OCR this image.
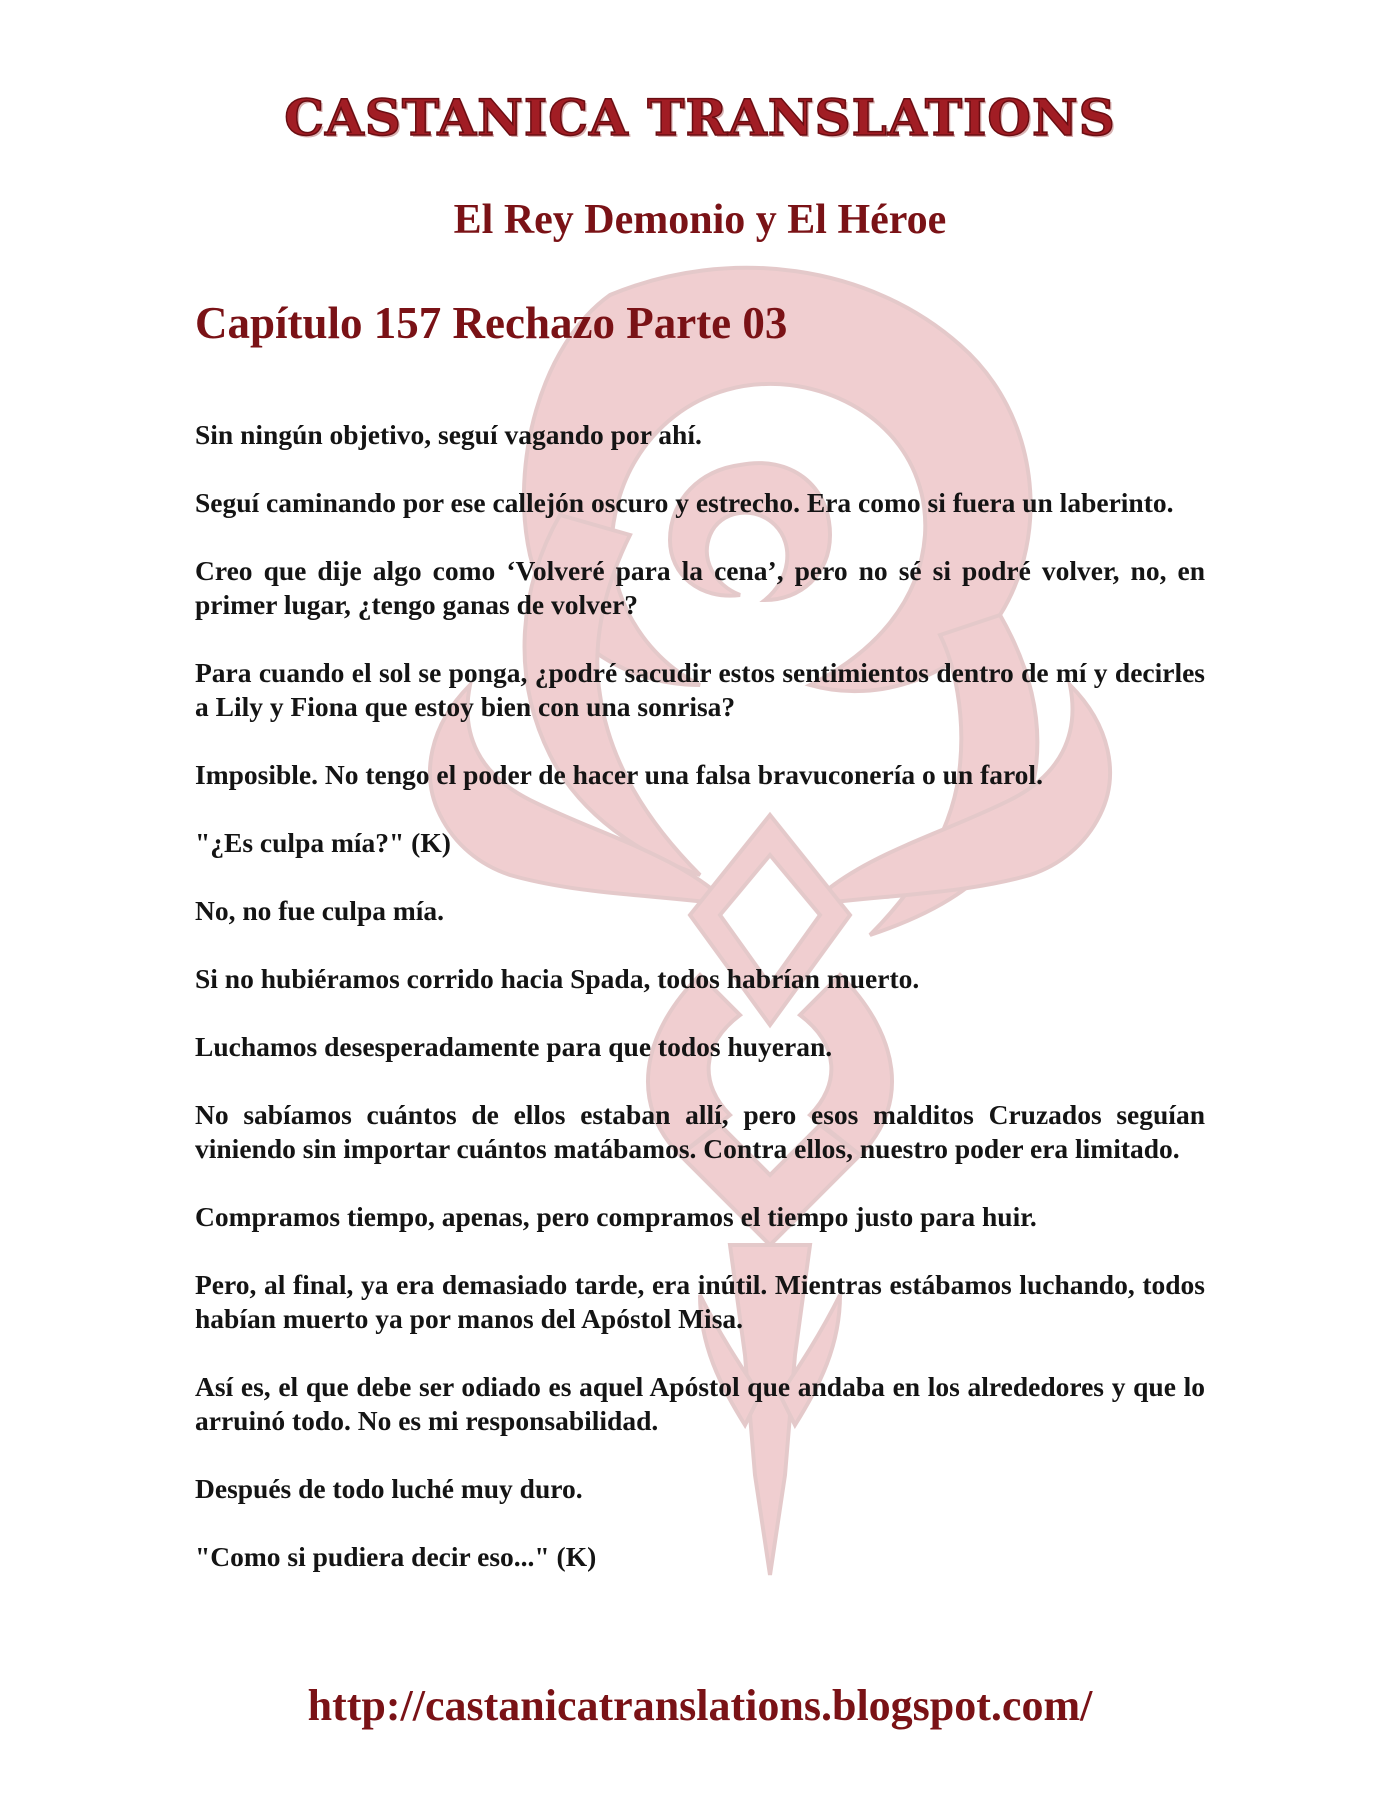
CASTANICA TRANSLATIONS
El Rey Demonio y El Héroe
Capítulo 157 Rechazo Parte 03

Sin ningún objetivo, seguí vagando por ahí.

Seguí caminando por ese callejón oscuro y estrecho. Era como si fuera un laberinto.

Creo que dije algo como ‘Volveré para la cena’, pero no sé si podré volver, no, en primer lugar, ¿tengo ganas de volver?

Para cuando el sol se ponga, ¿podré sacudir estos sentimientos dentro de mí y decirles a Lily y Fiona que estoy bien con una sonrisa?

Imposible. No tengo el poder de hacer una falsa bravuconería o un farol.

"¿Es culpa mía?" (K)

No, no fue culpa mía.

Si no hubiéramos corrido hacia Spada, todos habrían muerto.

Luchamos desesperadamente para que todos huyeran.

No sabíamos cuántos de ellos estaban allí, pero esos malditos Cruzados seguían viniendo sin importar cuántos matábamos. Contra ellos, nuestro poder era limitado.

Compramos tiempo, apenas, pero compramos el tiempo justo para huir.

Pero, al final, ya era demasiado tarde, era inútil. Mientras estábamos luchando, todos habían muerto ya por manos del Apóstol Misa.

Así es, el que debe ser odiado es aquel Apóstol que andaba en los alrededores y que lo arruinó todo. No es mi responsabilidad.

Después de todo luché muy duro.

"Como si pudiera decir eso..." (K)

http://castanicatranslations.blogspot.com/
